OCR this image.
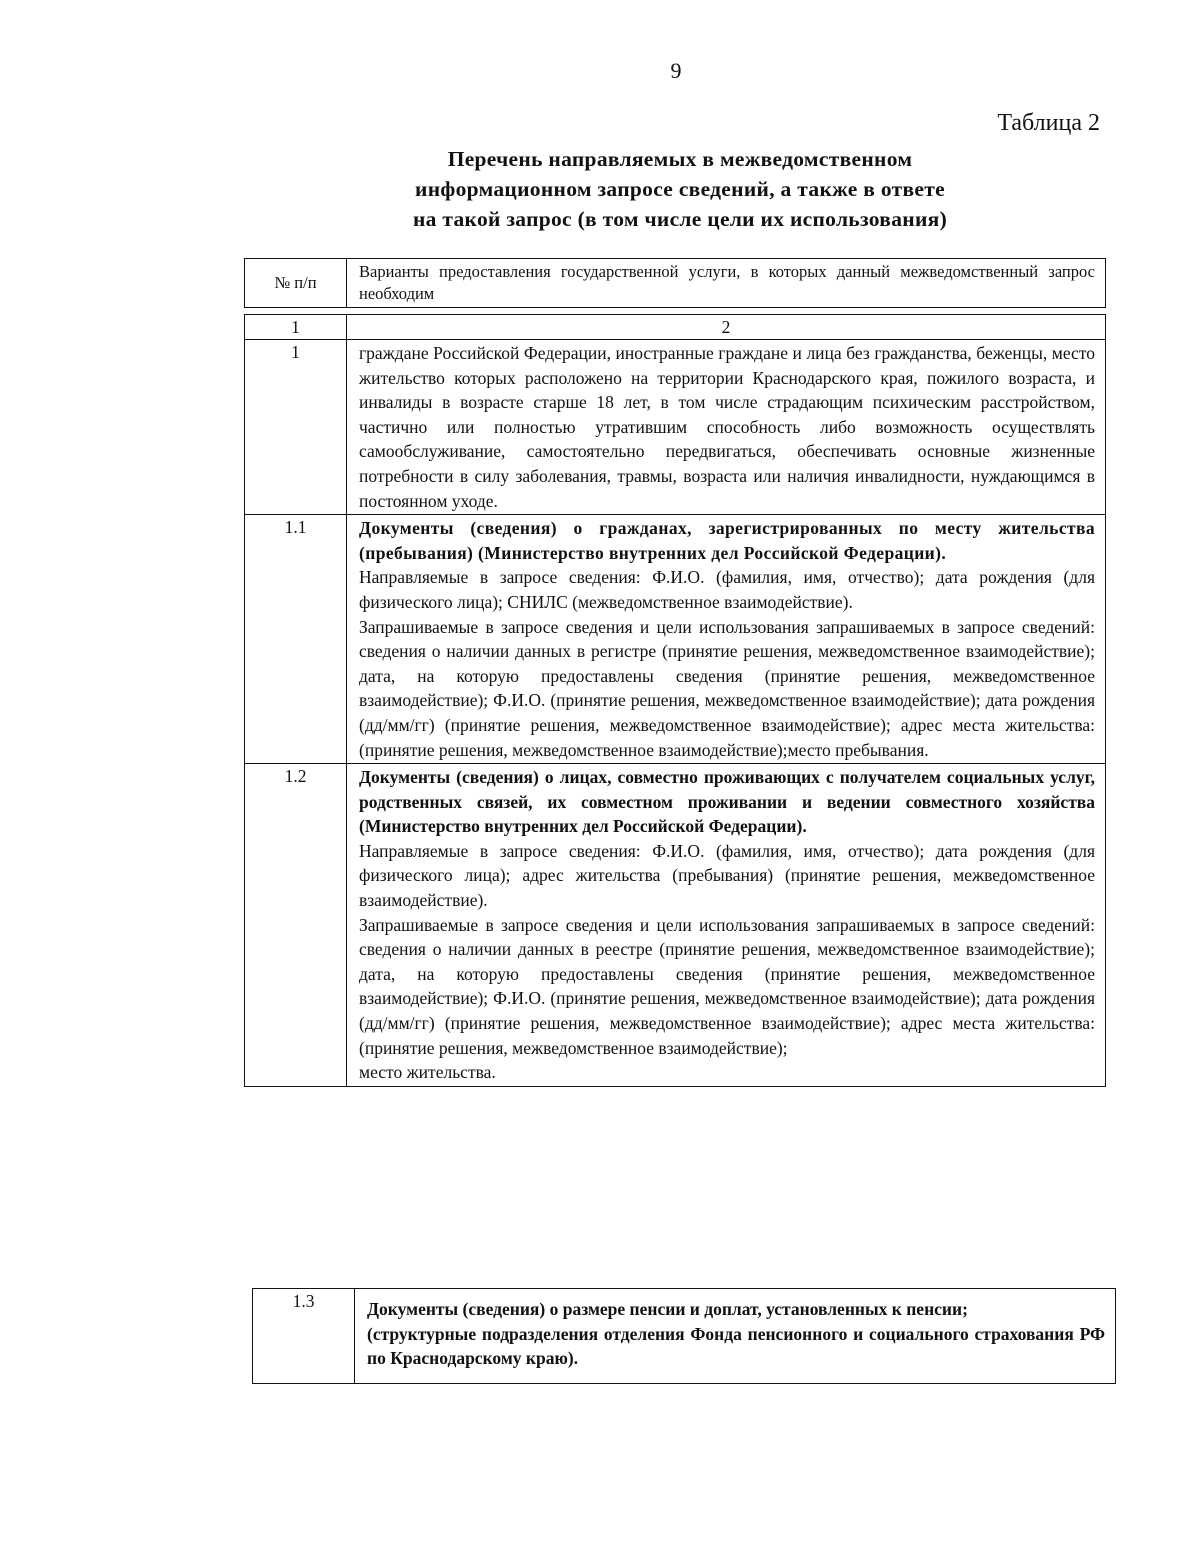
9
Таблица 2
Перечень направляемых в межведомственном
информационном запросе сведений, а также в ответе
на такой запрос (в том числе цели их использования)
№ п/п	Варианты предоставления государственной услуги, в которых данный межведомственный запрос необходим
1	2
1	граждане Российской Федерации, иностранные граждане и лица без гражданства, беженцы, место жительство которых расположено на территории Краснодарского края, пожилого возраста, и инвалиды в возрасте старше 18 лет, в том числе страдающим психическим расстройством, частично или полностью утратившим способность либо возможность осуществлять самообслуживание, самостоятельно передвигаться, обеспечивать основные жизненные потребности в силу заболевания, травмы, возраста или наличия инвалидности, нуждающимся в постоянном уходе.
1.1	Документы (сведения) о гражданах, зарегистрированных по месту жительства (пребывания) (Министерство внутренних дел Российской Федерации).

Направляемые в запросе сведения: Ф.И.О. (фамилия, имя, отчество); дата рождения (для физического лица); СНИЛС (межведомственное взаимодействие).

Запрашиваемые в запросе сведения и цели использования запрашиваемых в запросе сведений: сведения о наличии данных в регистре (принятие решения, межведомственное взаимодействие); дата, на которую предоставлены сведения (принятие решения, межведомственное взаимодействие); Ф.И.О. (принятие решения, межведомственное взаимодействие); дата рождения (дд/мм/гг) (принятие решения, межведомственное взаимодействие); адрес места жительства: (принятие решения, межведомственное взаимодействие);место пребывания.

1.2	Документы (сведения) о лицах, совместно проживающих с получателем социальных услуг, родственных связей, их совместном проживании и ведении совместного хозяйства (Министерство внутренних дел Российской Федерации).

Направляемые в запросе сведения: Ф.И.О. (фамилия, имя, отчество); дата рождения (для физического лица); адрес жительства (пребывания) (принятие решения, межведомственное взаимодействие).

Запрашиваемые в запросе сведения и цели использования запрашиваемых в запросе сведений: сведения о наличии данных в реестре (принятие решения, межведомственное взаимодействие); дата, на которую предоставлены сведения (принятие решения, межведомственное взаимодействие); Ф.И.О. (принятие решения, межведомственное взаимодействие); дата рождения (дд/мм/гг) (принятие решения, межведомственное взаимодействие); адрес места жительства: (принятие решения, межведомственное взаимодействие);

место жительства.

1.3	Документы (сведения) о размере пенсии и доплат, установленных к пенсии;

(структурные подразделения отделения Фонда пенсионного и социального страхования РФ по Краснодарскому краю).
